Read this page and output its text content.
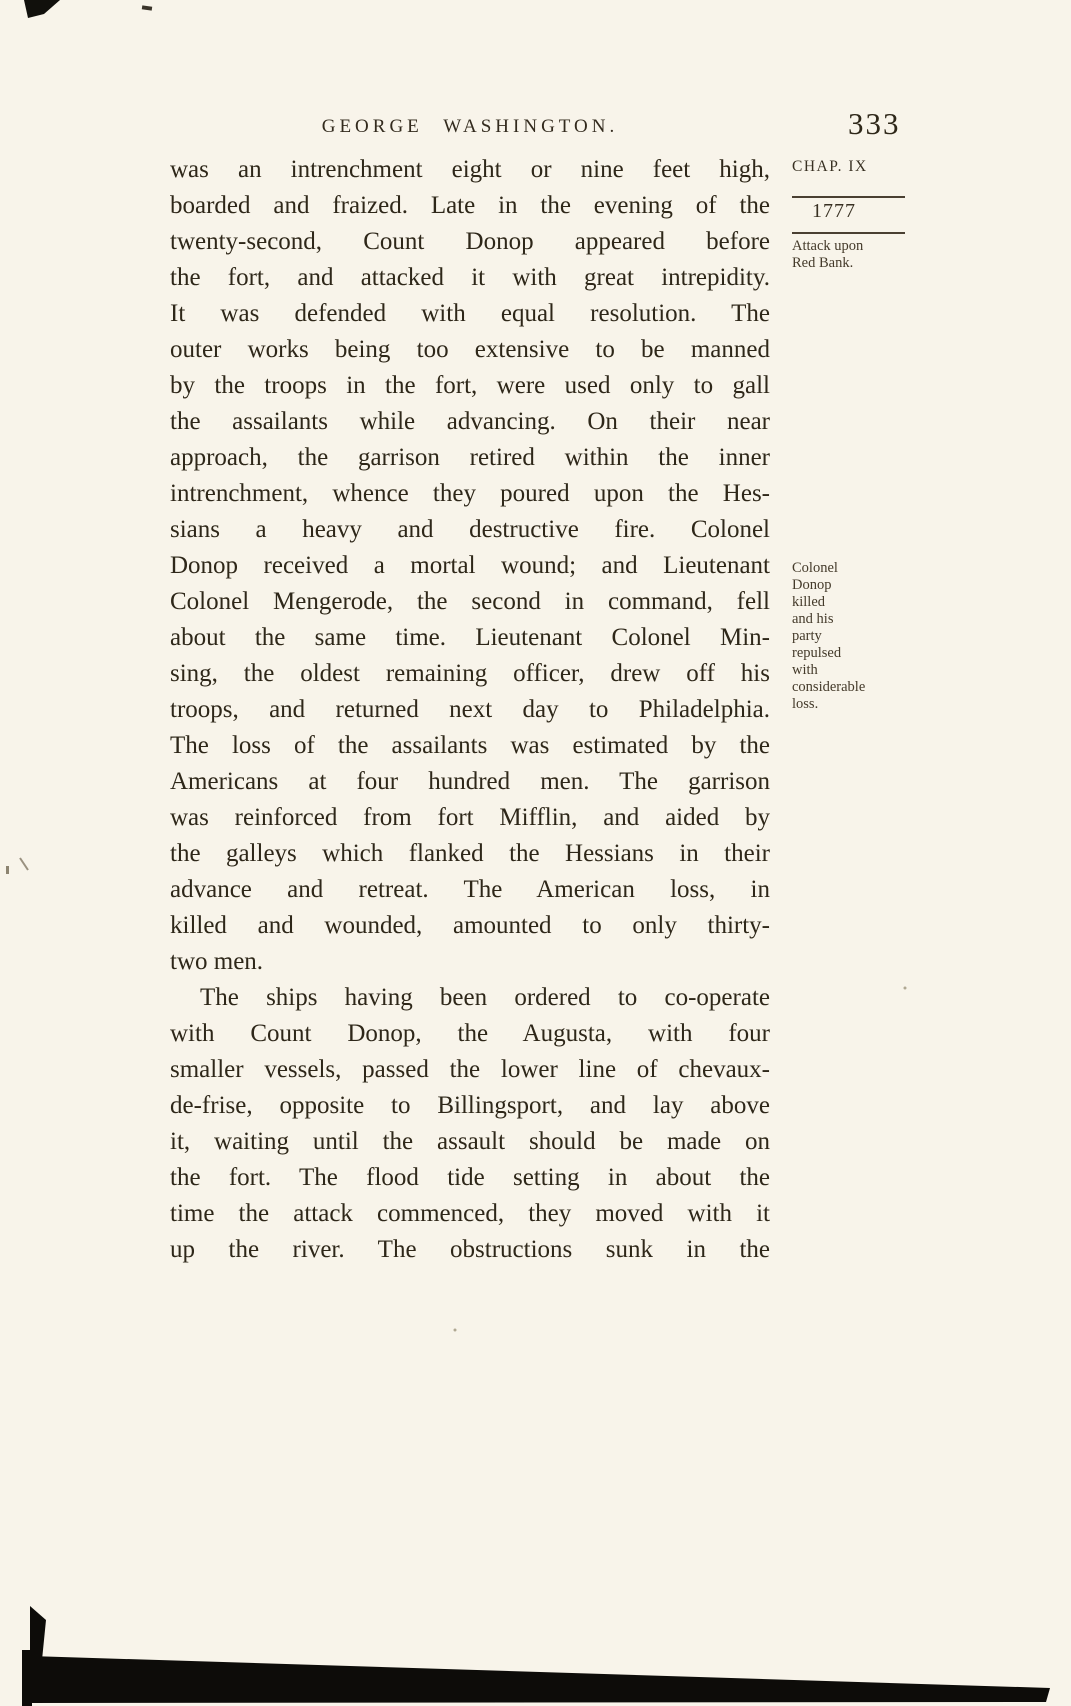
GEORGE WASHINGTON.	333
was an intrenchment eight or nine feet high,
boarded and fraized. Late in the evening of the
twenty-second, Count Donop appeared before
the fort, and attacked it with great intrepidity.
It was defended with equal resolution. The
outer works being too extensive to be manned
by the troops in the fort, were used only to gall
the assailants while advancing. On their near
approach, the garrison retired within the inner
intrenchment, whence they poured upon the Hes-
sians a heavy and destructive fire. Colonel
Donop received a mortal wound; and Lieutenant
Colonel Mengerode, the second in command, fell
about the same time. Lieutenant Colonel Min-
sing, the oldest remaining officer, drew off his
troops, and returned next day to Philadelphia.
The loss of the assailants was estimated by the
Americans at four hundred men. The garrison
was reinforced from fort Mifflin, and aided by
the galleys which flanked the Hessians in their
advance and retreat. The American loss, in
killed and wounded, amounted to only thirty-
two men.
The ships having been ordered to co-operate
with Count Donop, the Augusta, with four
smaller vessels, passed the lower line of chevaux-
de-frise, opposite to Billingsport, and lay above
it, waiting until the assault should be made on
the fort. The flood tide setting in about the
time the attack commenced, they moved with it
up the river. The obstructions sunk in the
CHAP. IX
1777
Attack upon
Red Bank.
Colonel
Donop
killed
and his
party
repulsed
with
considerable
loss.
